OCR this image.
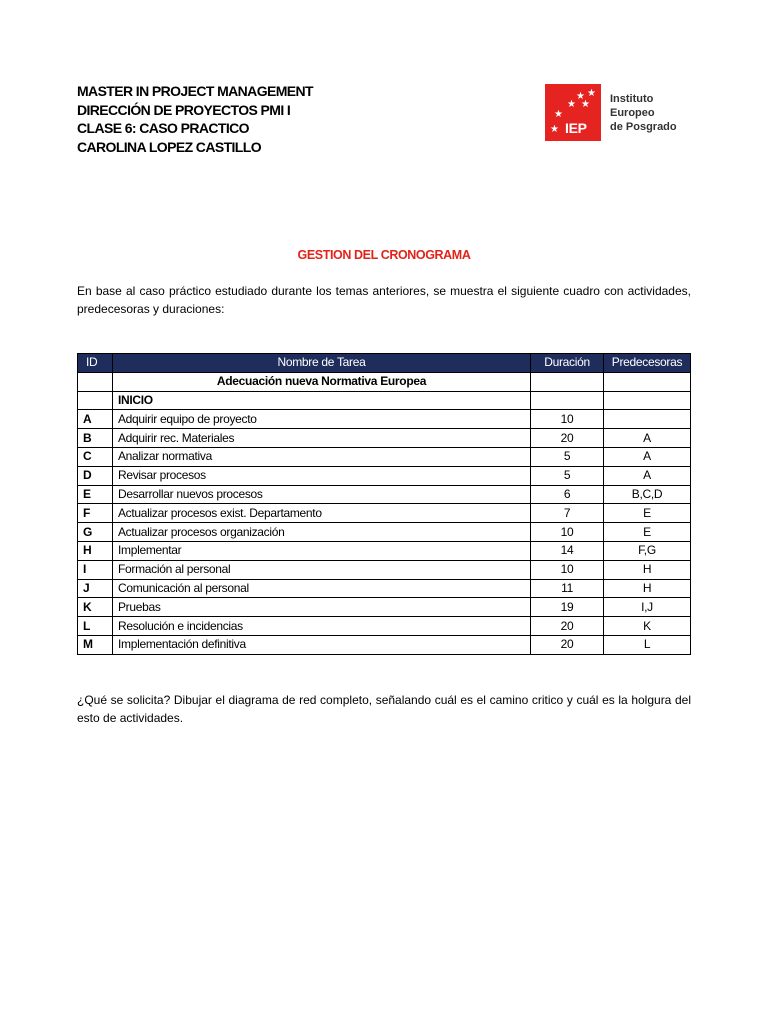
MASTER IN PROJECT MANAGEMENT
DIRECCIÓN DE PROYECTOS PMI I
CLASE 6: CASO PRACTICO
CAROLINA LOPEZ CASTILLO
★ ★
★ ★
★
★ IEP
Instituto
Europeo
de Posgrado
GESTION DEL CRONOGRAMA
En base al caso práctico estudiado durante los temas anteriores, se muestra el siguiente cuadro con actividades, predecesoras y duraciones:
ID	Nombre de Tarea	Duración	Predecesoras
	Adecuación nueva Normativa Europea		
	INICIO		
A	Adquirir equipo de proyecto	10	
B	Adquirir rec. Materiales	20	A
C	Analizar normativa	5	A
D	Revisar procesos	5	A
E	Desarrollar nuevos procesos	6	B,C,D
F	Actualizar procesos exist. Departamento	7	E
G	Actualizar procesos organización	10	E
H	Implementar	14	F,G
I	Formación al personal	10	H
J	Comunicación al personal	11	H
K	Pruebas	19	I,J
L	Resolución e incidencias	20	K
M	Implementación definitiva	20	L
¿Qué se solicita? Dibujar el diagrama de red completo, señalando cuál es el camino critico y cuál es la holgura del esto de actividades.
